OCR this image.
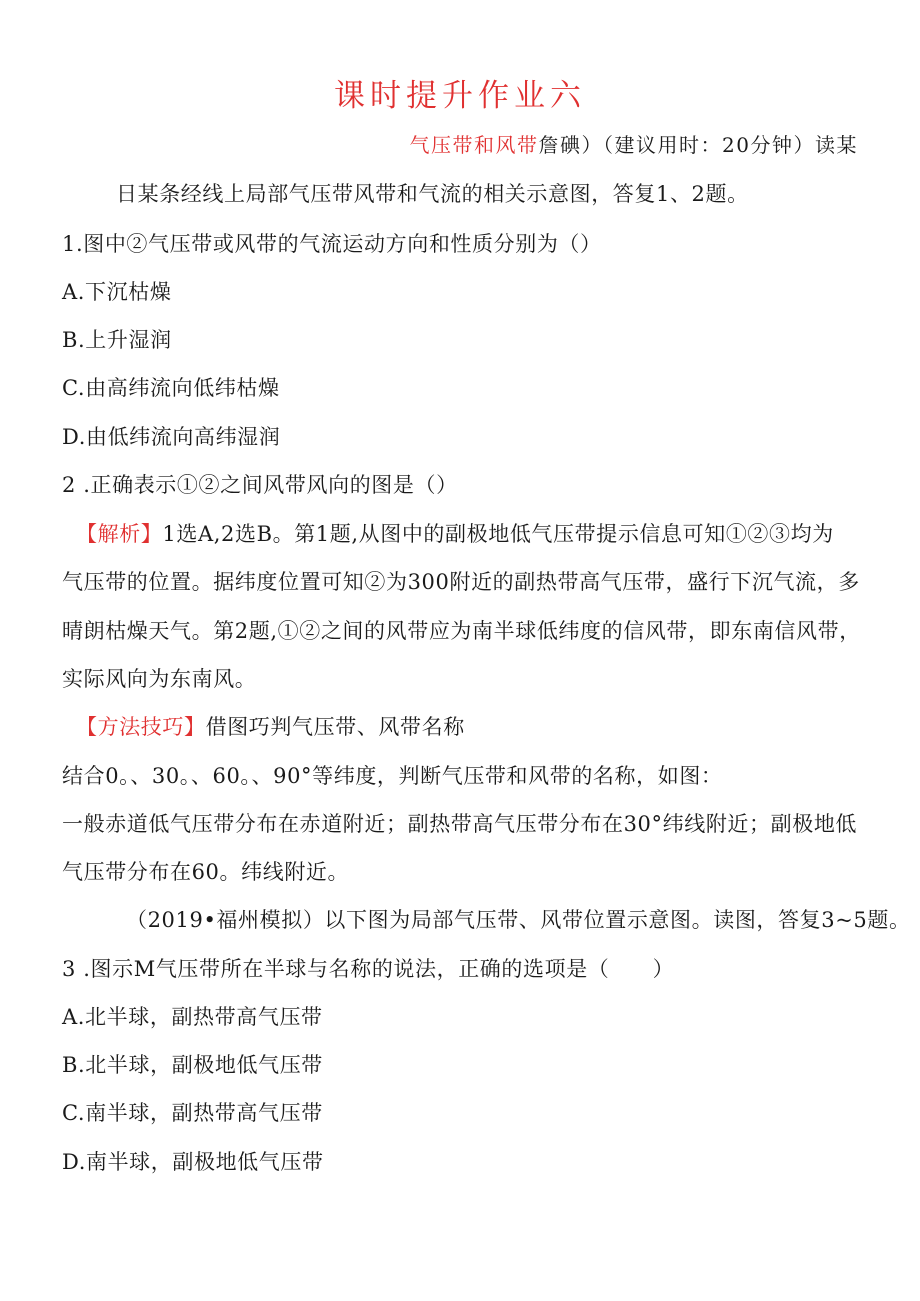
课时提升作业六
气压带和风带詹碘）（建议用时：20分钟）读某
日某条经线上局部气压带风带和气流的相关示意图，答复1、2题。
1.图中②气压带或风带的气流运动方向和性质分别为（）
A.下沉枯燥
B.上升湿润
C.由高纬流向低纬枯燥
D.由低纬流向高纬湿润
2 .正确表示①②之间风带风向的图是（）
【解析】1选A,2选B。第1题,从图中的副极地低气压带提示信息可知①②③均为
气压带的位置。据纬度位置可知②为300附近的副热带高气压带，盛行下沉气流，多
晴朗枯燥天气。第2题,①②之间的风带应为南半球低纬度的信风带，即东南信风带，
实际风向为东南风。
【方法技巧】借图巧判气压带、风带名称
结合0。、30。、60。、90°等纬度，判断气压带和风带的名称，如图：
一般赤道低气压带分布在赤道附近；副热带高气压带分布在30°纬线附近；副极地低
气压带分布在60。纬线附近。
（2019•福州模拟）以下图为局部气压带、风带位置示意图。读图，答复3~5题。
3 .图示M气压带所在半球与名称的说法，正确的选项是（　　）
A.北半球，副热带高气压带
B.北半球，副极地低气压带
C.南半球，副热带高气压带
D.南半球，副极地低气压带
